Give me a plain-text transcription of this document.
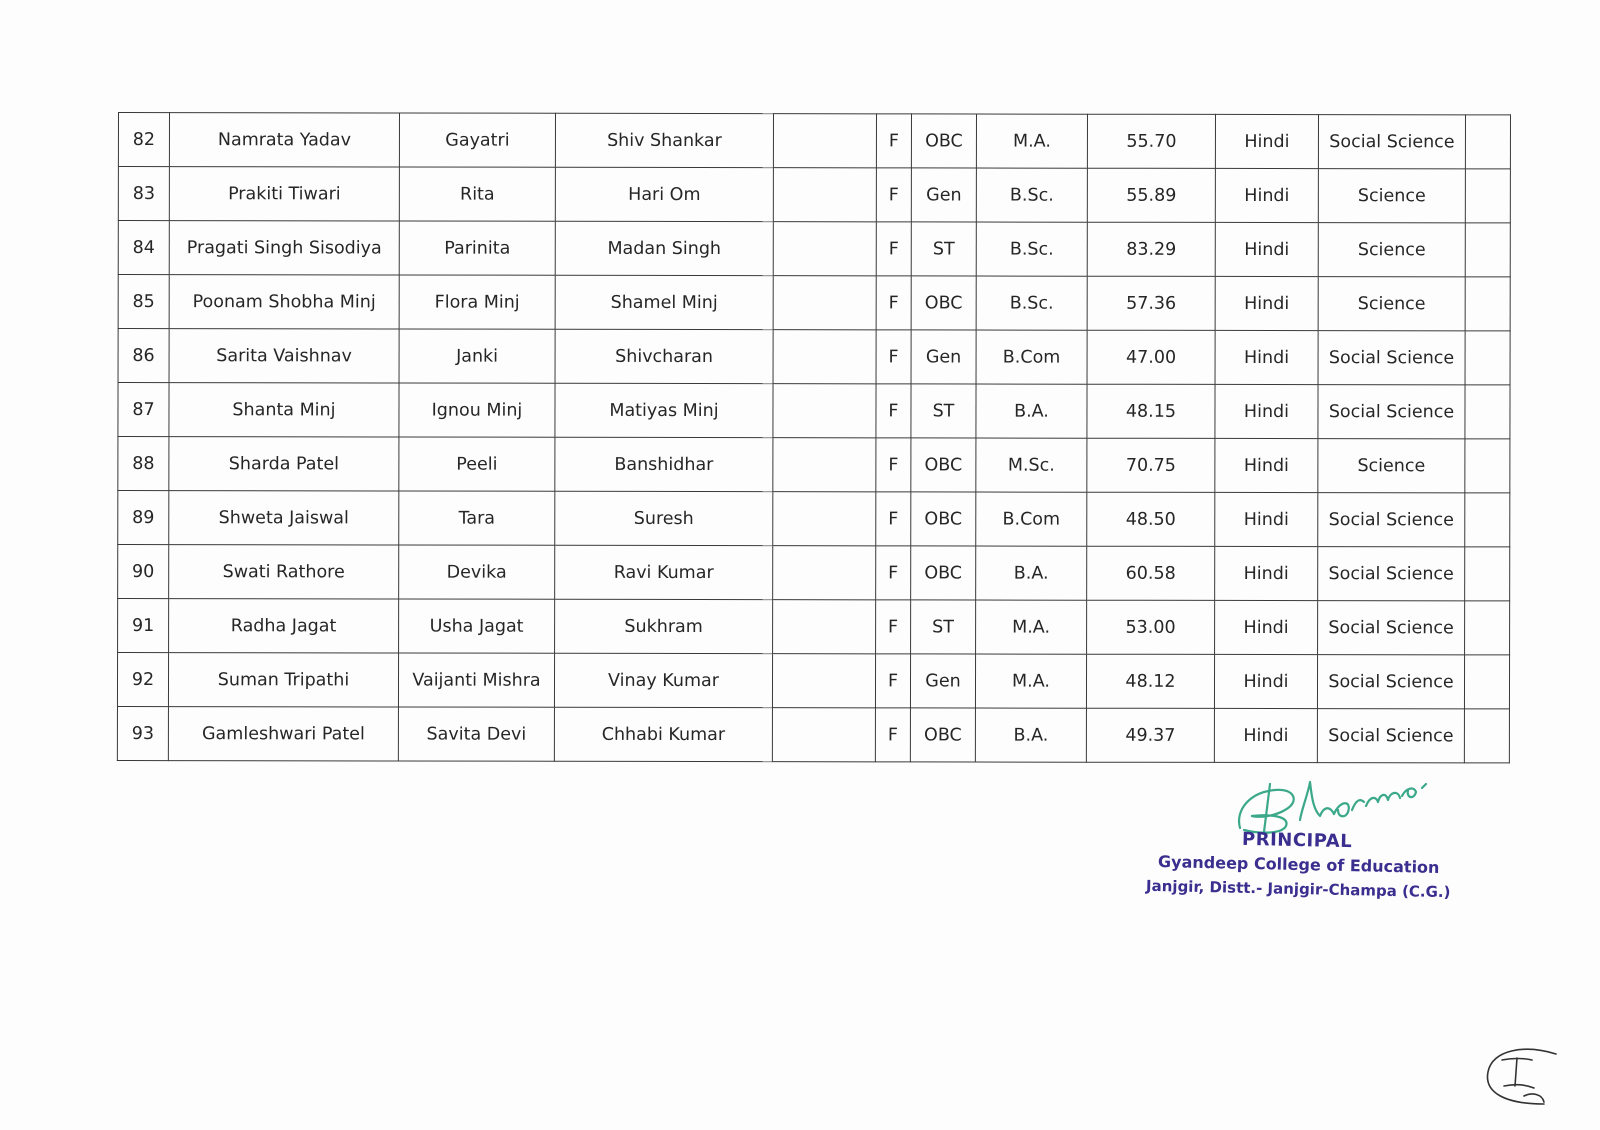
82	Namrata Yadav	Gayatri	Shiv Shankar		F	OBC	M.A.	55.70	Hindi	Social Science	
83	Prakiti Tiwari	Rita	Hari Om		F	Gen	B.Sc.	55.89	Hindi	Science	
84	Pragati Singh Sisodiya	Parinita	Madan Singh		F	ST	B.Sc.	83.29	Hindi	Science	
85	Poonam Shobha Minj	Flora Minj	Shamel Minj		F	OBC	B.Sc.	57.36	Hindi	Science	
86	Sarita Vaishnav	Janki	Shivcharan		F	Gen	B.Com	47.00	Hindi	Social Science	
87	Shanta Minj	Ignou Minj	Matiyas Minj		F	ST	B.A.	48.15	Hindi	Social Science	
88	Sharda Patel	Peeli	Banshidhar		F	OBC	M.Sc.	70.75	Hindi	Science	
89	Shweta Jaiswal	Tara	Suresh		F	OBC	B.Com	48.50	Hindi	Social Science	
90	Swati Rathore	Devika	Ravi Kumar		F	OBC	B.A.	60.58	Hindi	Social Science	
91	Radha Jagat	Usha Jagat	Sukhram		F	ST	M.A.	53.00	Hindi	Social Science	
92	Suman Tripathi	Vaijanti Mishra	Vinay Kumar		F	Gen	M.A.	48.12	Hindi	Social Science	
93	Gamleshwari Patel	Savita Devi	Chhabi Kumar		F	OBC	B.A.	49.37	Hindi	Social Science	
PRINCIPAL
Gyandeep College of Education
Janjgir, Distt.- Janjgir-Champa (C.G.)
